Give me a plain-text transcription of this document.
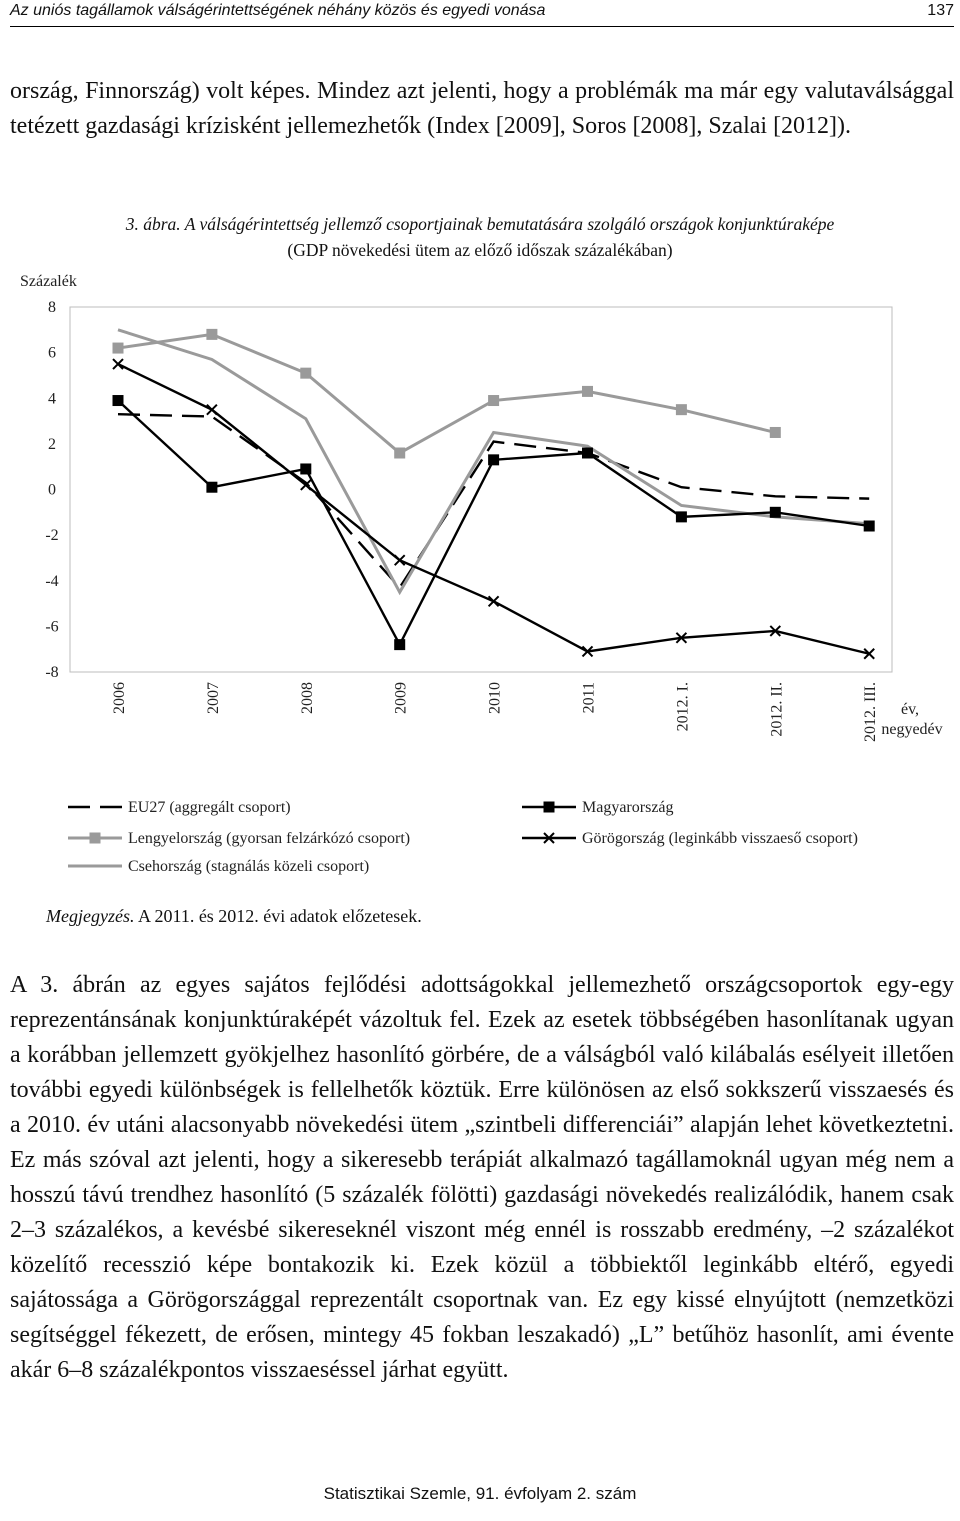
Az uniós tagállamok válságérintettségének néhány közös és egyedi vonása	137

ország, Finnország) volt képes. Mindez azt jelenti, hogy a problémák ma már egy valutaválsággal tetézett gazdasági krízisként jellemezhetők (Index [2009], Soros [2008], Szalai [2012]).

3. ábra. A válságérintettség jellemző csoportjainak bemutatására szolgáló országok konjunktúraképe
(GDP növekedési ütem az előző időszak százalékában)
Százalék
8
6
4
2
0
-2
-4
-6
-8
2006	2007	2008	2009	2010	2011	2012. I.	2012. II.	2012. III.	év, negyedév
EU27 (aggregált csoport)
Lengyelország (gyorsan felzárkózó csoport)
Csehország (stagnálás közeli csoport)
Magyarország
Görögország (leginkább visszaeső csoport)
Megjegyzés. A 2011. és 2012. évi adatok előzetesek.

A 3. ábrán az egyes sajátos fejlődési adottságokkal jellemezhető országcsoportok egy-egy reprezentánsának konjunktúraképét vázoltuk fel. Ezek az esetek többségében hasonlítanak ugyan a korábban jellemzett gyökjelhez hasonlító görbére, de a válságból való kilábalás esélyeit illetően további egyedi különbségek is fellelhetők köztük. Erre különösen az első sokkszerű visszaesés és a 2010. év utáni alacsonyabb növekedési ütem „szintbeli differenciái” alapján lehet következtetni. Ez más szóval azt jelenti, hogy a sikeresebb terápiát alkalmazó tagállamoknál ugyan még nem a hosszú távú trendhez hasonlító (5 százalék fölötti) gazdasági növekedés realizálódik, hanem csak 2–3 százalékos, a kevésbé sikereseknél viszont még ennél is rosszabb eredmény, –2 százalékot közelítő recesszió képe bontakozik ki. Ezek közül a többiektől leginkább eltérő, egyedi sajátossága a Görögországgal reprezentált csoportnak van. Ez egy kissé elnyújtott (nemzetközi segítséggel fékezett, de erősen, mintegy 45 fokban leszakadó) „L” betűhöz hasonlít, ami évente akár 6–8 százalékpontos visszaeséssel járhat együtt.

Statisztikai Szemle, 91. évfolyam 2. szám
